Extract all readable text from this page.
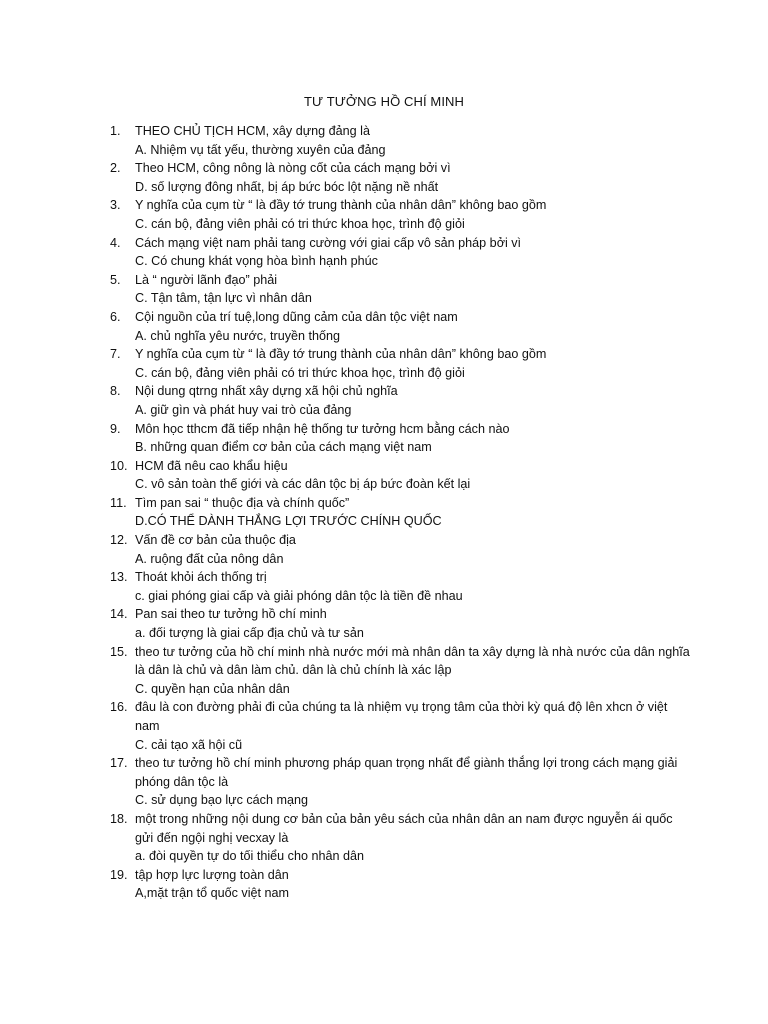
TƯ TƯỞNG HỒ CHÍ MINH
1. THEO CHỦ TỊCH HCM, xây dựng đảng là
A. Nhiệm vụ tất yếu, thường xuyên của đảng
2. Theo HCM, công nông là nòng cốt của cách mạng bởi vì
D. số lượng đông nhất, bị áp bức bóc lột nặng nề nhất
3. Y nghĩa của cụm từ “ là đầy tớ trung thành của nhân dân” không bao gồm
C. cán bộ, đảng viên phải có tri thức khoa học, trình độ giỏi
4. Cách mạng việt nam phải tang cường với giai cấp vô sản pháp bởi vì
C. Có chung khát vọng hòa bình hạnh phúc
5. Là “ người lãnh đạo” phải
C. Tận tâm, tận lực vì nhân dân
6. Cội nguồn của trí tuệ,long dũng cảm của dân tộc việt nam
A. chủ nghĩa yêu nước, truyền thống
7. Y nghĩa của cụm từ “ là đầy tớ trung thành của nhân dân” không bao gồm
C. cán bộ, đảng viên phải có tri thức khoa học, trình độ giỏi
8. Nội dung qtrng nhất xây dựng xã hội chủ nghĩa
A. giữ gìn và phát huy vai trò của đảng
9. Môn học tthcm đã tiếp nhận hệ thống tư tưởng hcm bằng cách nào
B. những quan điểm cơ bản của cách mạng việt nam
10. HCM đã nêu cao khẩu hiệu
C. vô sản toàn thế giới và các dân tộc bị áp bức đoàn kết lại
11. Tìm pan sai “ thuộc địa và chính quốc”
D.CÓ THỂ DÀNH THẮNG LỢI TRƯỚC CHÍNH QUỐC
12. Vấn đề cơ bản của thuộc địa
A. ruộng đất của nông dân
13. Thoát khỏi ách thống trị
c. giai phóng giai cấp và giải phóng dân tộc là tiền đề nhau
14. Pan sai theo tư tưởng hồ chí minh
a. đối tượng là giai cấp địa chủ và tư sản
15. theo tư tưởng của hồ chí minh nhà nước mới mà nhân dân ta xây dựng là nhà nước của dân nghĩa là dân là chủ và dân làm chủ. dân là chủ chính là xác lập
C. quyền hạn của nhân dân
16. đâu là con đường phải đi của chúng ta là nhiệm vụ trọng tâm của thời kỳ quá độ lên xhcn ở việt nam
C. cải tạo xã hội cũ
17. theo tư tưởng hồ chí minh phương pháp quan trọng nhất để giành thắng lợi trong cách mạng giải phóng dân tộc là
C. sử dụng bạo lực cách mạng
18. một trong những nội dung cơ bản của bản yêu sách của nhân dân an nam được nguyễn ái quốc gửi đến ngội nghị vecxay là
a. đòi quyền tự do tối thiểu cho nhân dân
19. tập hợp lực lượng toàn dân
A,mặt trận tổ quốc việt nam
